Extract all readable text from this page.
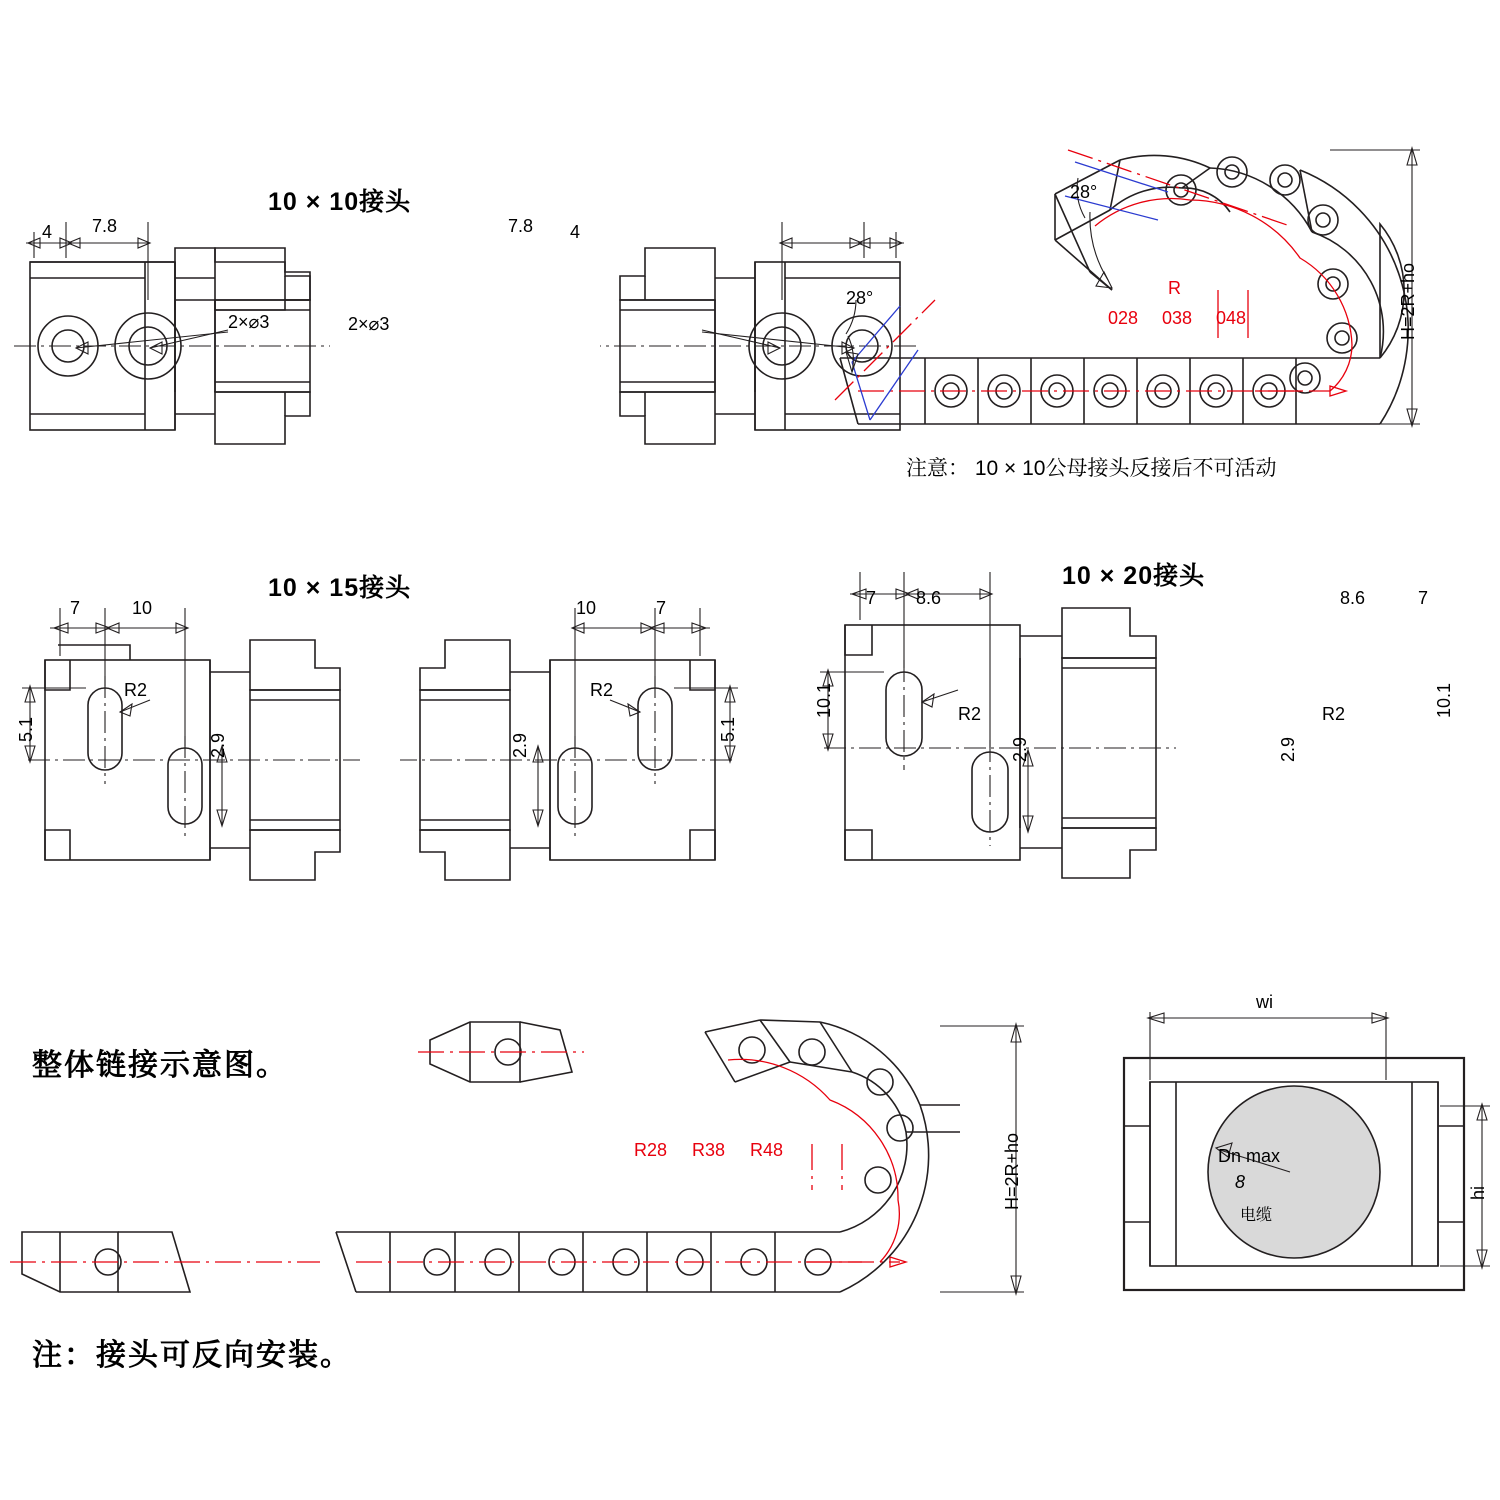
10 × 10接头
10 × 15接头	10 × 20接头
4 7.8	7.8 4
2×⌀3	2×⌀3
28°
28°	R
028 038 048	H=2R+ho
注意： 10 × 10公母接头反接后不可活动
7	10	10	7
5.1	5.1
2.9	2.9
R2	R2
7 8.6	8.6	7
10.1	10.1
2.9	2.9
R2	R2
整体链接示意图。
R28 R38 R48	H=2R+ho
注：接头可反向安装。
wi
hi
Dn max
8
电缆
